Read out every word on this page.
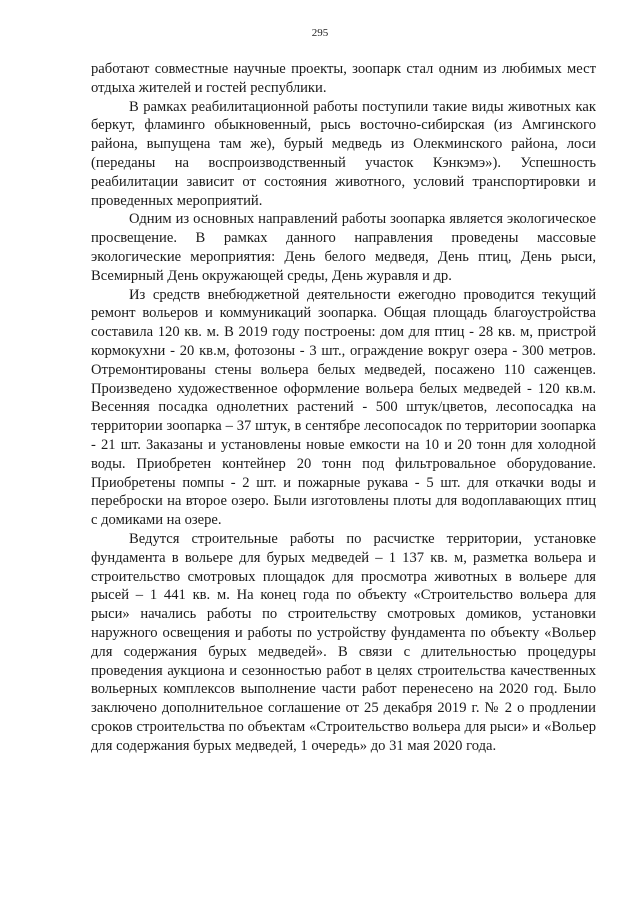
295

работают совместные научные проекты, зоопарк стал одним из любимых мест отдыха жителей и гостей республики.

В рамках реабилитационной работы поступили такие виды животных как беркут, фламинго обыкновенный, рысь восточно-сибирская (из Амгинского района, выпущена там же), бурый медведь из Олекминского района, лоси (переданы на воспроизводственный участок Кэнкэмэ»). Успешность реабилитации зависит от состояния животного, условий транспортировки и проведенных мероприятий.

Одним из основных направлений работы зоопарка является экологическое просвещение. В рамках данного направления проведены массовые экологические мероприятия: День белого медведя, День птиц, День рыси, Всемирный День окружающей среды, День журавля и др.

Из средств внебюджетной деятельности ежегодно проводится текущий ремонт вольеров и коммуникаций зоопарка. Общая площадь благоустройства составила 120 кв. м. В 2019 году построены: дом для птиц - 28 кв. м, пристрой кормокухни - 20 кв.м, фотозоны - 3 шт., ограждение вокруг озера - 300 метров. Отремонтированы стены вольера белых медведей, посажено 110 саженцев. Произведено художественное оформление вольера белых медведей - 120 кв.м. Весенняя посадка однолетних растений - 500 штук/цветов, лесопосадка на территории зоопарка – 37 штук, в сентябре лесопосадок по территории зоопарка - 21 шт. Заказаны и установлены новые емкости на 10 и 20 тонн для холодной воды. Приобретен контейнер 20 тонн под фильтровальное оборудование. Приобретены помпы - 2 шт. и пожарные рукава - 5 шт. для откачки воды и переброски на второе озеро. Были изготовлены плоты для водоплавающих птиц с домиками на озере.

Ведутся строительные работы по расчистке территории, установке фундамента в вольере для бурых медведей – 1 137 кв. м, разметка вольера и строительство смотровых площадок для просмотра животных в вольере для рысей – 1 441 кв. м. На конец года по объекту «Строительство вольера для рыси» начались работы по строительству смотровых домиков, установки наружного освещения и работы по устройству фундамента по объекту «Вольер для содержания бурых медведей». В связи с длительностью процедуры проведения аукциона и сезонностью работ в целях строительства качественных вольерных комплексов выполнение части работ перенесено на 2020 год. Было заключено дополнительное соглашение от 25 декабря 2019 г. № 2 о продлении сроков строительства по объектам «Строительство вольера для рыси» и «Вольер для содержания бурых медведей, 1 очередь» до 31 мая 2020 года.
